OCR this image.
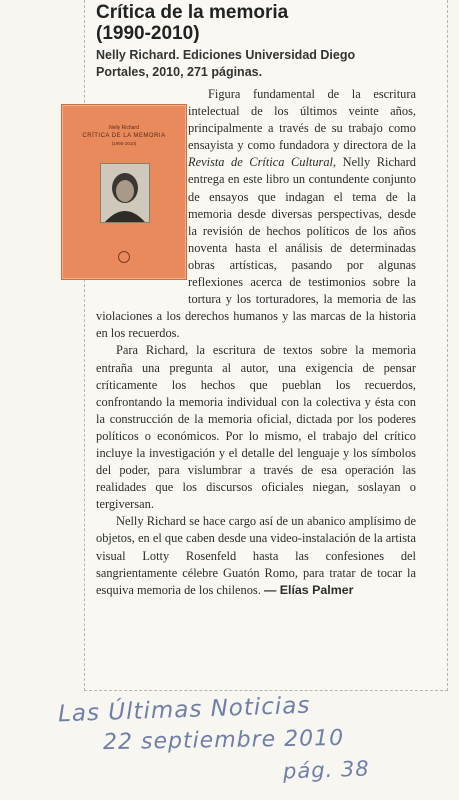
Crítica de la memoria
(1990-2010)
Nelly Richard. Ediciones Universidad Diego
Portales, 2010, 271 páginas.
Nelly Richard
CRÍTICA DE LA MEMORIA
(1990-2010)

Figura fundamental de la escritura intelectual de los últimos veinte años, principalmente a través de su trabajo como ensayista y como fundadora y directora de la Revista de Crítica Cultural, Nelly Richard entrega en este libro un contundente conjunto de ensayos que indagan el tema de la memoria desde diversas perspectivas, desde la revisión de hechos políticos de los años noventa hasta el análisis de determinadas obras artísticas, pasando por algunas reflexiones acerca de testimonios sobre la tortura y los torturadores, la memoria de las violaciones a los derechos humanos y las marcas de la historia en los recuerdos.

Para Richard, la escritura de textos sobre la memoria entraña una pregunta al autor, una exigencia de pensar críticamente los hechos que pueblan los recuerdos, confrontando la memoria individual con la colectiva y ésta con la construcción de la memoria oficial, dictada por los poderes políticos o económicos. Por lo mismo, el trabajo del crítico incluye la investigación y el detalle del lenguaje y los símbolos del poder, para vislumbrar a través de esa operación las realidades que los discursos oficiales niegan, soslayan o tergiversan.

Nelly Richard se hace cargo así de un abanico amplísimo de objetos, en el que caben desde una video-instalación de la artista visual Lotty Rosenfeld hasta las confesiones del sangrientamente célebre Guatón Romo, para tratar de tocar la esquiva memoria de los chilenos. — Elías Palmer

Las Últimas Noticias
22 septiembre 2010
pág. 38
